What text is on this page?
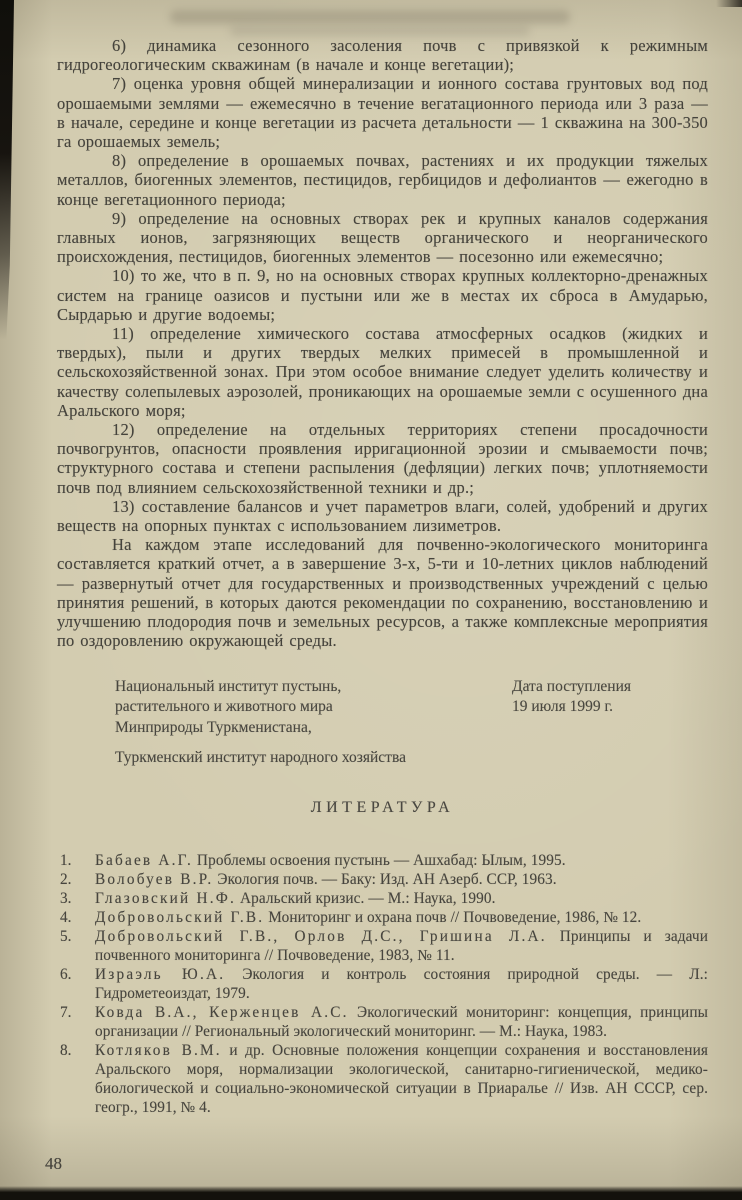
6) динамика сезонного засоления почв с привязкой к режимным гидрогеологическим скважинам (в начале и конце вегетации);

7) оценка уровня общей минерализации и ионного состава грунтовых вод под орошаемыми землями — ежемесячно в течение вегатационного периода или 3 раза — в начале, середине и конце вегетации из расчета детальности — 1 скважина на 300-350 га орошаемых земель;

8) определение в орошаемых почвах, растениях и их продукции тяжелых металлов, биогенных элементов, пестицидов, гербицидов и дефолиантов — ежегодно в конце вегетационного периода;

9) определение на основных створах рек и крупных каналов содержания главных ионов, загрязняющих веществ органического и неорганического происхождения, пестицидов, биогенных элементов — посезонно или ежемесячно;

10) то же, что в п. 9, но на основных створах крупных коллекторно-дренажных систем на границе оазисов и пустыни или же в местах их сброса в Амударью, Сырдарью и другие водоемы;

11) определение химического состава атмосферных осадков (жидких и твердых), пыли и других твердых мелких примесей в промышленной и сельскохозяйственной зонах. При этом особое внимание следует уделить количеству и качеству солепылевых аэрозолей, проникающих на орошаемые земли с осушенного дна Аральского моря;

12) определение на отдельных территориях степени просадочности почвогрунтов, опасности проявления ирригационной эрозии и смываемости почв; структурного состава и степени распыления (дефляции) легких почв; уплотняемости почв под влиянием сельскохозяйственной техники и др.;

13) составление балансов и учет параметров влаги, солей, удобрений и других веществ на опорных пунктах с использованием лизиметров.

На каждом этапе исследований для почвенно-экологического мониторинга составляется краткий отчет, а в завершение 3-х, 5-ти и 10-летних циклов наблюдений — развернутый отчет для государственных и производственных учреждений с целью принятия решений, в которых даются рекомендации по сохранению, восстановлению и улучшению плодородия почв и земельных ресурсов, а также комплексные мероприятия по оздоровлению окружающей среды.

Национальный институт пустынь,

растительного и животного мира

Минприроды Туркменистана,

Туркменский институт народного хозяйства

Дата поступления

19 июля 1999 г.

ЛИТЕРАТУРА
1.	Бабаев А.Г. Проблемы освоения пустынь — Ашхабад: Ылым, 1995.
2.	Волобуев В.Р. Экология почв. — Баку: Изд. АН Азерб. ССР, 1963.
3.	Глазовский Н.Ф. Аральский кризис. — М.: Наука, 1990.
4.	Добровольский Г.В. Мониторинг и охрана почв // Почвоведение, 1986, № 12.
5.	Добровольский Г.В., Орлов Д.С., Гришина Л.А. Принципы и задачи почвенного мониторинга // Почвоведение, 1983, № 11.
6.	Израэль Ю.А. Экология и контроль состояния природной среды. — Л.: Гидрометеоиздат, 1979.
7.	Ковда В.А., Керженцев А.С. Экологический мониторинг: концепция, принципы организации // Региональный экологический мониторинг. — М.: Наука, 1983.
8.	Котляков В.М. и др. Основные положения концепции сохранения и восстановления Аральского моря, нормализации экологической, санитарно-гигиенической, медико-биологической и социально-экономической ситуации в Приаралье // Изв. АН СССР, сер. геогр., 1991, № 4.
48
